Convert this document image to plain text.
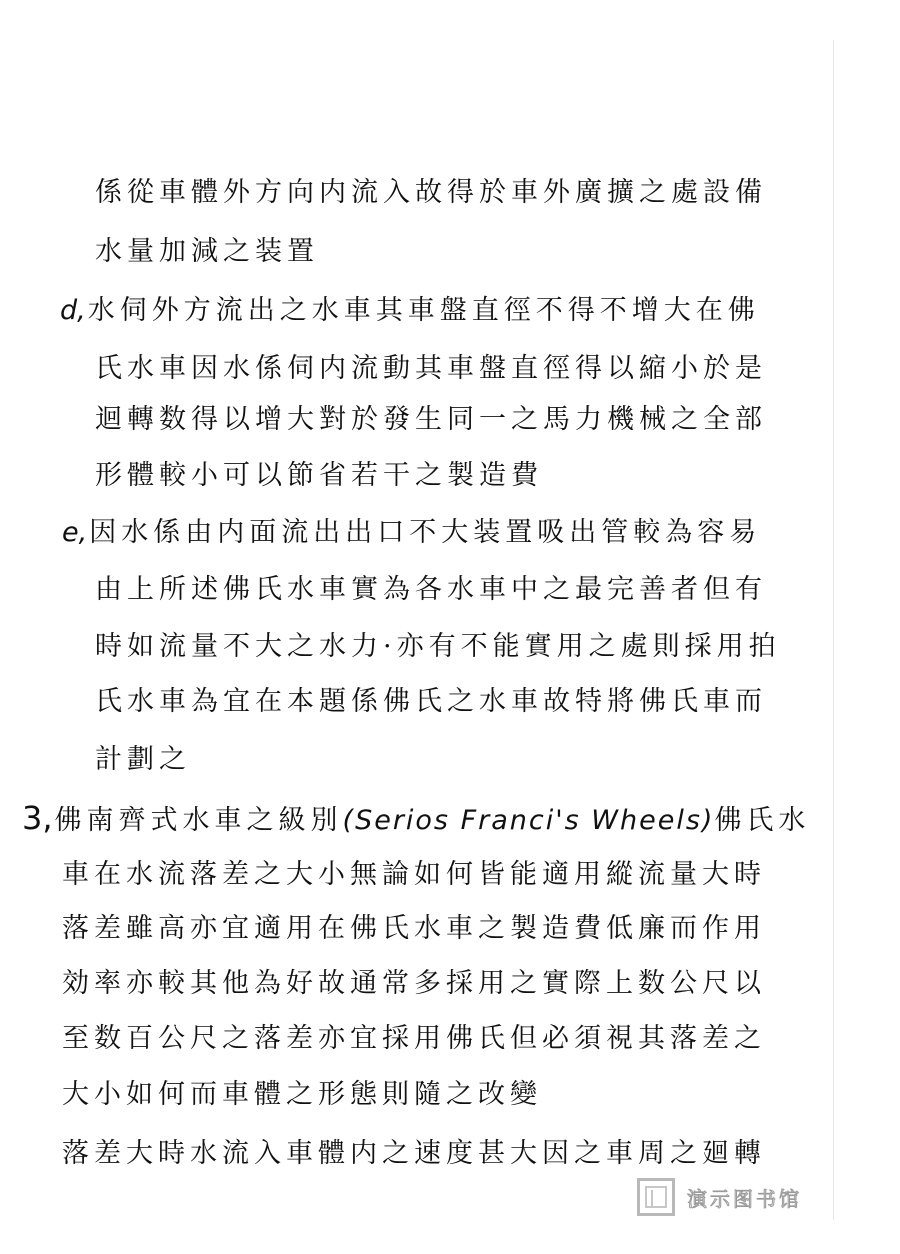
係從車體外方向内流入故得於車外廣擴之處設備
水量加減之装置
d,水伺外方流出之水車其車盤直徑不得不增大在佛
氏水車因水係伺内流動其車盤直徑得以縮小於是
迴轉数得以增大對於發生同一之馬力機械之全部
形體較小可以節省若干之製造費
e,因水係由内面流出出口不大装置吸出管較為容易
由上所述佛氏水車實為各水車中之最完善者但有
時如流量不大之水力·亦有不能實用之處則採用拍
氏水車為宜在本題係佛氏之水車故特將佛氏車而
計劃之
3,佛南齊式水車之級別(Serios Franci's Wheels)佛氏水
車在水流落差之大小無論如何皆能適用縱流量大時
落差雖高亦宜適用在佛氏水車之製造費低廉而作用
効率亦較其他為好故通常多採用之實際上数公尺以
至数百公尺之落差亦宜採用佛氏但必須視其落差之
大小如何而車體之形態則隨之改變
落差大時水流入車體内之速度甚大因之車周之廻轉
演示图书馆
